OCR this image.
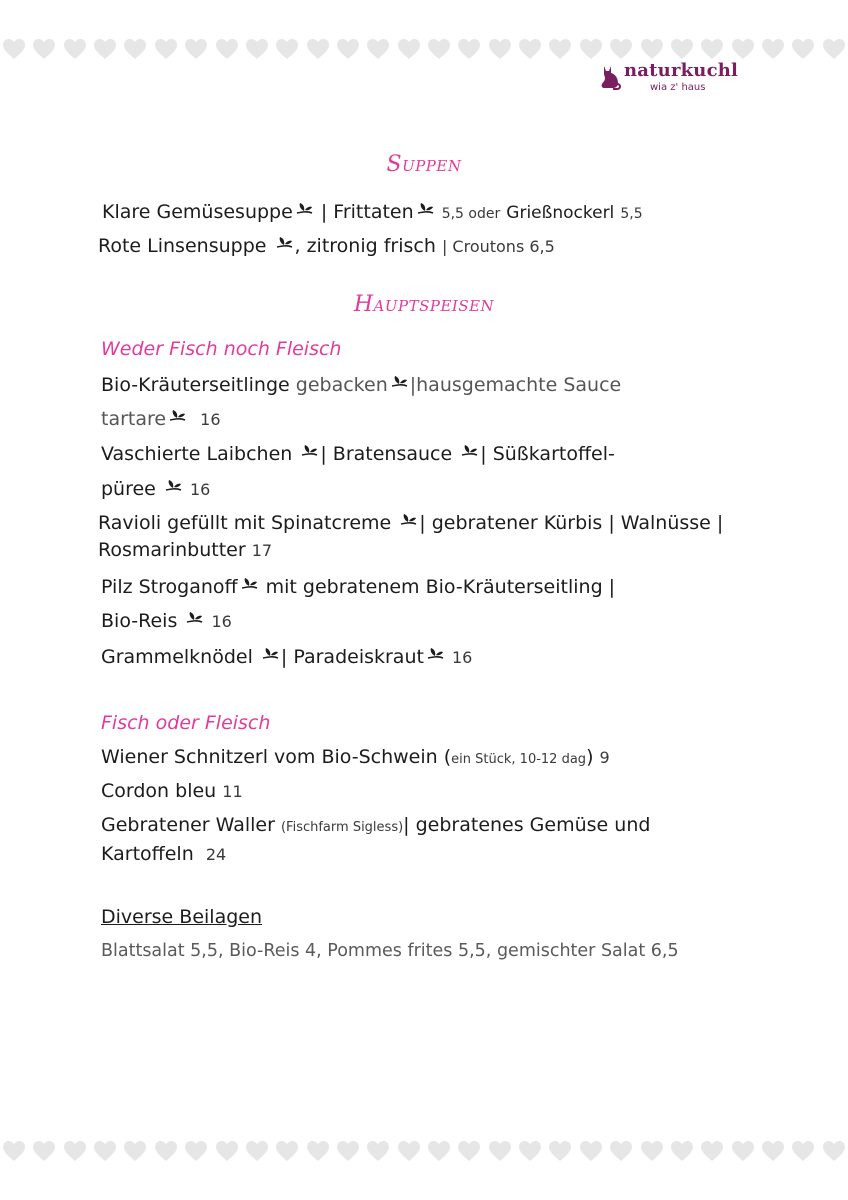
naturkuchl
wia z' haus
Suppen
Klare Gemüsesuppe | Frittaten 5,5 oder Grießnockerl 5,5
Rote Linsensuppe , zitronig frisch | Croutons 6,5
Hauptspeisen
Weder Fisch noch Fleisch
Bio-Kräuterseitlinge gebacken |hausgemachte Sauce
tartare 16
Vaschierte Laibchen | Bratensauce | Süßkartoffel-
püree 16
Ravioli gefüllt mit Spinatcreme | gebratener Kürbis | Walnüsse |
Rosmarinbutter 17
Pilz Stroganoff mit gebratenem Bio-Kräuterseitling |
Bio-Reis 16
Grammelknödel | Paradeiskraut 16
Fisch oder Fleisch
Wiener Schnitzerl vom Bio-Schwein (ein Stück, 10-12 dag) 9
Cordon bleu 11
Gebratener Waller (Fischfarm Sigless)| gebratenes Gemüse und
Kartoffeln 24
Diverse Beilagen
Blattsalat 5,5, Bio-Reis 4, Pommes frites 5,5, gemischter Salat 6,5
